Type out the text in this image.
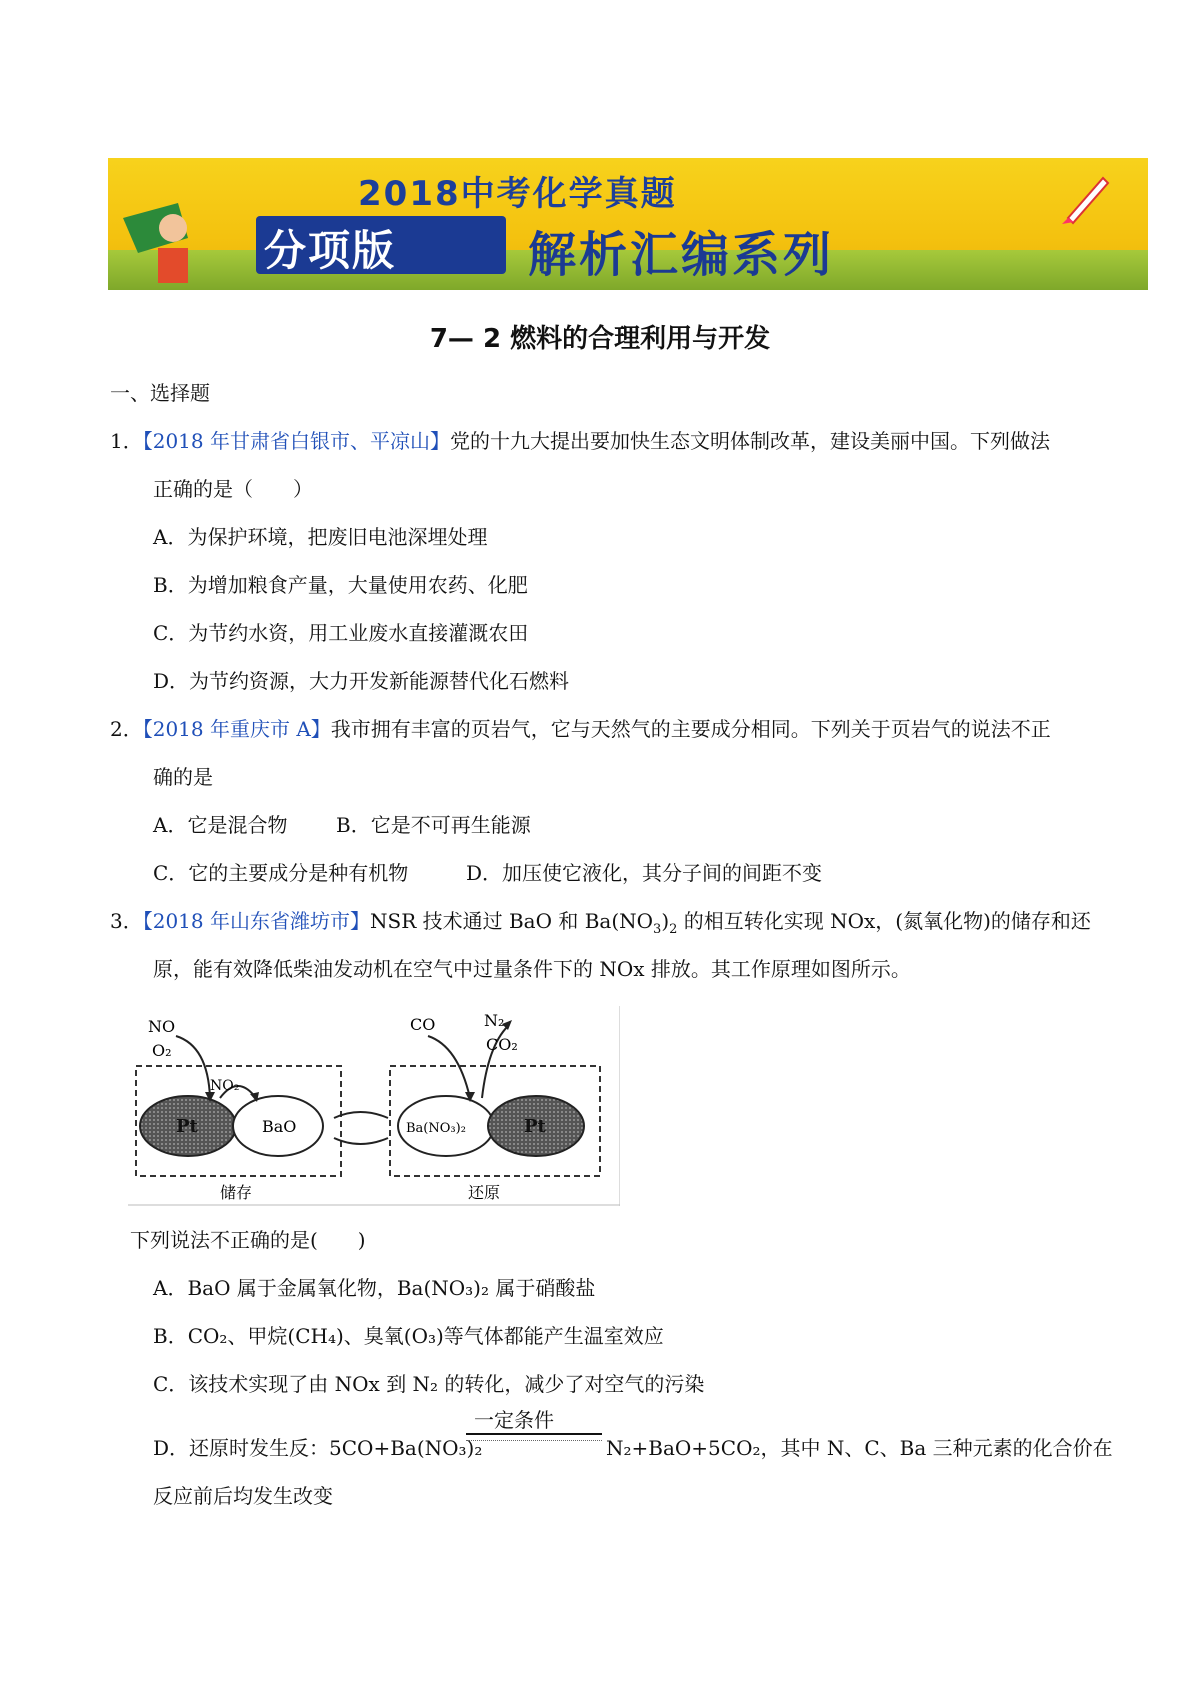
2018中考化学真题
分项版	解析汇编系列
7— 2 燃料的合理利用与开发
一、选择题
1．【2018 年甘肃省白银市、平凉山】党的十九大提出要加快生态文明体制改革，建设美丽中国。下列做法
正确的是（　　）
A．为保护环境，把废旧电池深埋处理
B．为增加粮食产量，大量使用农药、化肥
C．为节约水资，用工业废水直接灌溉农田
D．为节约资源，大力开发新能源替代化石燃料
2．【2018 年重庆市 A】我市拥有丰富的页岩气，它与天然气的主要成分相同。下列关于页岩气的说法不正
确的是
A．它是混合物 B．它是不可再生能源
C．它的主要成分是种有机物	D．加压使它液化，其分子间的间距不变
3．【2018 年山东省潍坊市】NSR 技术通过 BaO 和 $Ba(NO_3)_2$ 的相互转化实现 NOx，(氮氧化物)的储存和还
原，能有效降低柴油发动机在空气中过量条件下的 NOx 排放。其工作原理如图所示。
NO
O₂
NO₂
Pt	BaO
CO	N₂
CO₂
Ba(NO₃)₂	Pt
储存	还原
下列说法不正确的是(　　)
A．BaO 属于金属氧化物，Ba(NO₃)₂ 属于硝酸盐
B．CO₂、甲烷(CH₄)、臭氧(O₃)等气体都能产生温室效应
C．该技术实现了由 NOx 到 N₂ 的转化，减少了对空气的污染
一定条件
D．还原时发生反：5CO+Ba(NO₃)₂	N₂+BaO+5CO₂，其中 N、C、Ba 三种元素的化合价在
反应前后均发生改变
